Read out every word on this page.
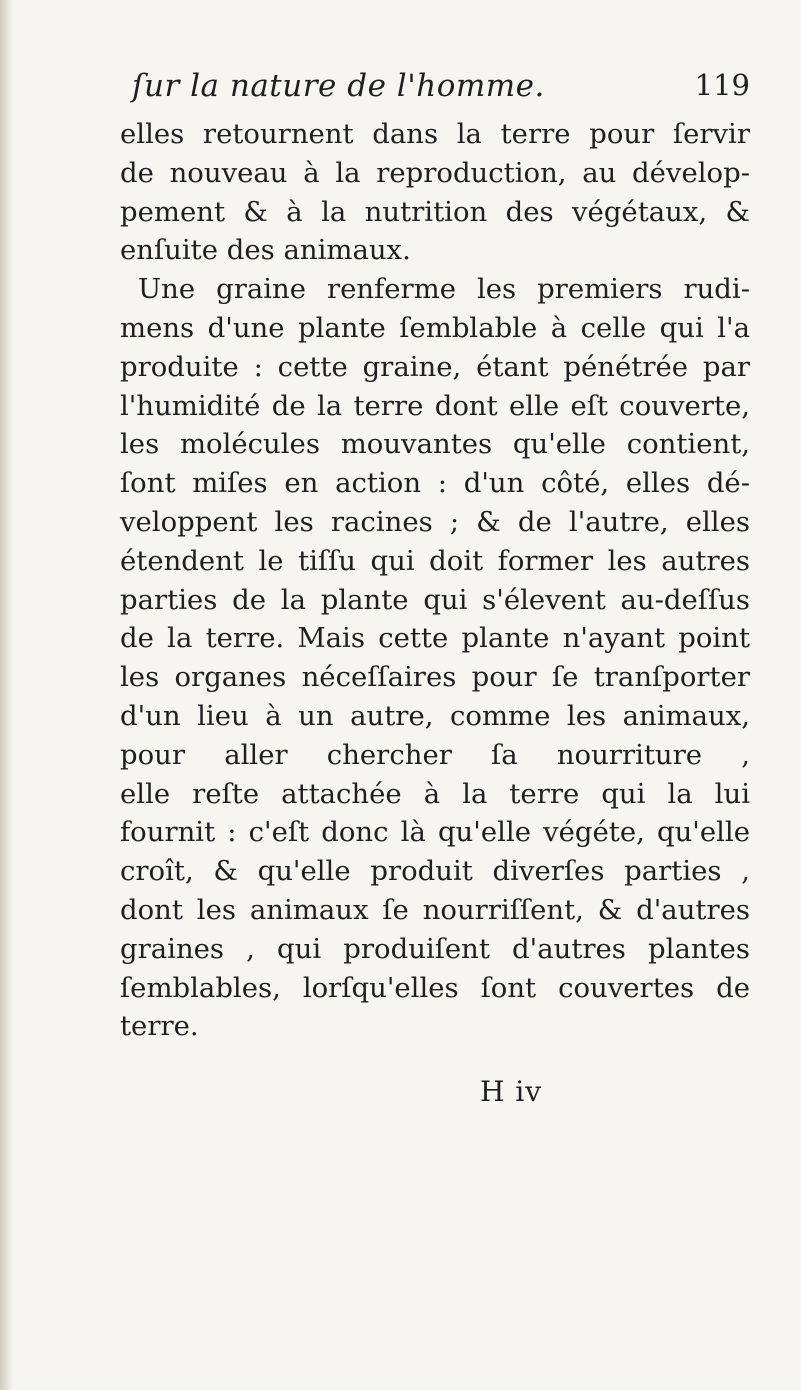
ſur la nature de l'homme.	119
elles retournent dans la terre pour ſervir
de nouveau à la reproduction, au dévelop-
pement & à la nutrition des végétaux, &
enſuite des animaux.
Une graine renferme les premiers rudi-
mens d'une plante ſemblable à celle qui l'a
produite : cette graine, étant pénétrée par
l'humidité de la terre dont elle eſt couverte,
les molécules mouvantes qu'elle contient,
ſont miſes en action : d'un côté, elles dé-
veloppent les racines ; & de l'autre, elles
étendent le tiſſu qui doit former les autres
parties de la plante qui s'élevent au-deſſus
de la terre. Mais cette plante n'ayant point
les organes néceſſaires pour ſe tranſporter
d'un lieu à un autre, comme les animaux,
pour aller chercher ſa nourriture ,
elle reſte attachée à la terre qui la lui
fournit : c'eſt donc là qu'elle végéte, qu'elle
croît, & qu'elle produit diverſes parties ,
dont les animaux ſe nourriſſent, & d'autres
graines , qui produiſent d'autres plantes
ſemblables, lorſqu'elles ſont couvertes de
terre.
H iv
